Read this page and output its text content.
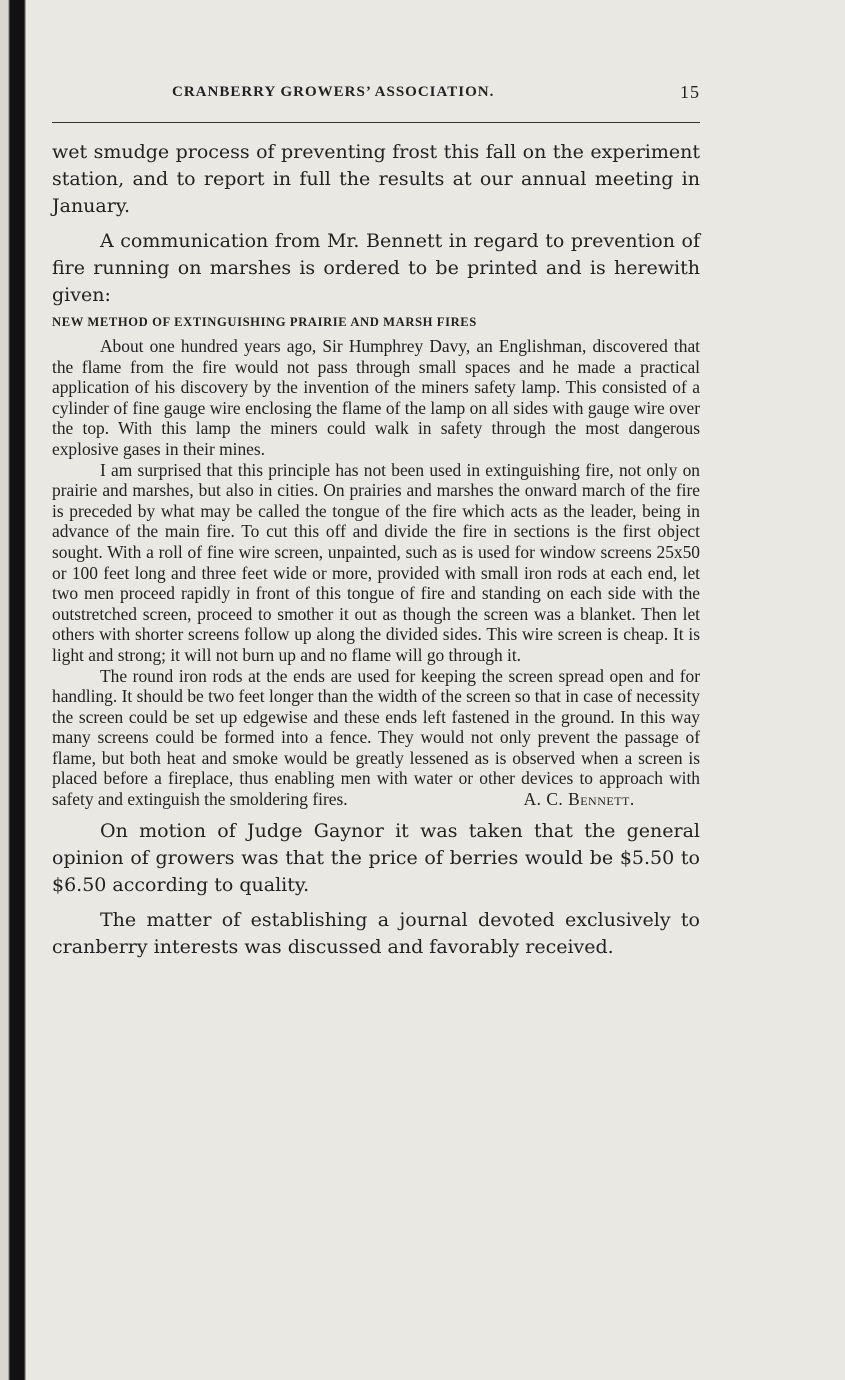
CRANBERRY GROWERS’ ASSOCIATION.	15

wet smudge process of preventing frost this fall on the experiment station, and to report in full the results at our annual meeting in January.

A communication from Mr. Bennett in regard to prevention of fire running on marshes is ordered to be printed and is herewith given:

NEW METHOD OF EXTINGUISHING PRAIRIE AND MARSH FIRES

About one hundred years ago, Sir Humphrey Davy, an Englishman, discovered that the flame from the fire would not pass through small spaces and he made a practical application of his discovery by the invention of the miners safety lamp. This consisted of a cylinder of fine gauge wire enclosing the flame of the lamp on all sides with gauge wire over the top. With this lamp the miners could walk in safety through the most dangerous explosive gases in their mines.

I am surprised that this principle has not been used in extinguishing fire, not only on prairie and marshes, but also in cities. On prairies and marshes the onward march of the fire is preceded by what may be called the tongue of the fire which acts as the leader, being in advance of the main fire. To cut this off and divide the fire in sections is the first object sought. With a roll of fine wire screen, unpainted, such as is used for window screens 25x50 or 100 feet long and three feet wide or more, provided with small iron rods at each end, let two men proceed rapidly in front of this tongue of fire and standing on each side with the outstretched screen, proceed to smother it out as though the screen was a blanket. Then let others with shorter screens follow up along the divided sides. This wire screen is cheap. It is light and strong; it will not burn up and no flame will go through it.

The round iron rods at the ends are used for keeping the screen spread open and for handling. It should be two feet longer than the width of the screen so that in case of necessity the screen could be set up edgewise and these ends left fastened in the ground. In this way many screens could be formed into a fence. They would not only prevent the passage of flame, but both heat and smoke would be greatly lessened as is observed when a screen is placed before a fireplace, thus enabling men with water or other devices to approach with safety and extinguish the smoldering fires.	A. C. Bennett.

On motion of Judge Gaynor it was taken that the general opinion of growers was that the price of berries would be $5.50 to $6.50 according to quality.

The matter of establishing a journal devoted exclusively to cranberry interests was discussed and favorably received.
